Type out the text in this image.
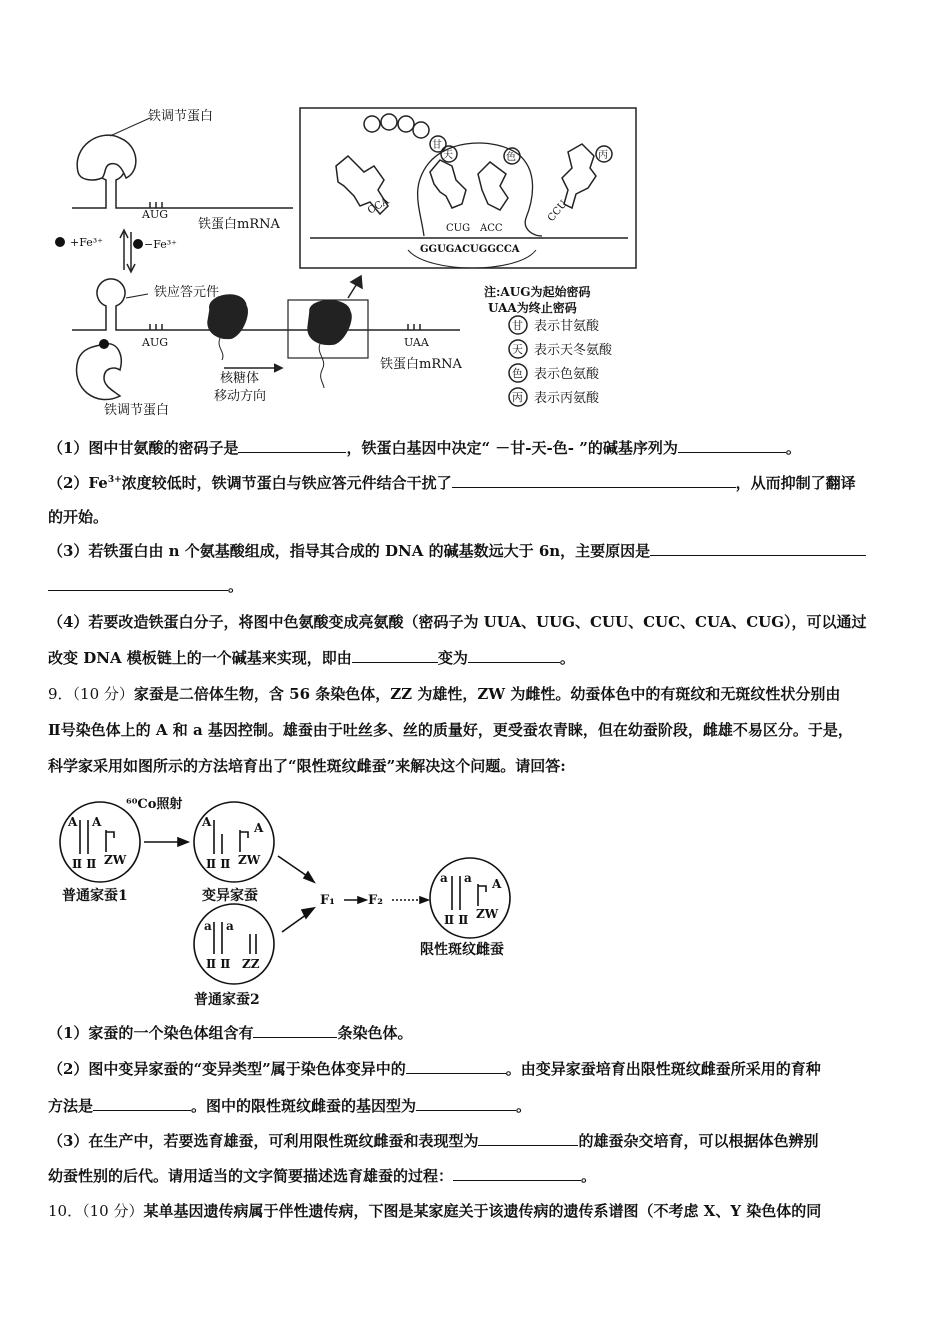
铁调节蛋白
AUG
铁蛋白mRNA
+Fe³⁺	−Fe³⁺
铁应答元件
AUG	UAA
铁蛋白mRNA
核糖体
移动方向
铁调节蛋白
CCA
CUG ACC
CCU
GGUGACUGGCCA
甘
天	色	丙
注:AUG为起始密码
UAA为终止密码
甘 表示甘氨酸
天 表示天冬氨酸
色 表示色氨酸
丙 表示丙氨酸
（1）图中甘氨酸的密码子是	，铁蛋白基因中决定“ －甘-天-色- ”的碱基序列为	。
$(2)Fe^{3+}$浓度较低时，铁调节蛋白与铁应答元件结合干扰了	，从而抑制了翻译
的开始。
（3）若铁蛋白由 n 个氨基酸组成，指导其合成的 DNA 的碱基数远大于 6n，主要原因是
。
（4）若要改造铁蛋白分子，将图中色氨酸变成亮氨酸（密码子为 UUA、UUG、CUU、CUC、CUA、CUG），可以通过
改变 DNA 模板链上的一个碱基来实现，即由	变为	。
9．（10 分）家蚕是二倍体生物，含 56 条染色体，ZZ 为雄性，ZW 为雌性。幼蚕体色中的有斑纹和无斑纹性状分别由
Ⅱ号染色体上的 A 和 a 基因控制。雄蚕由于吐丝多、丝的质量好，更受蚕农青睐，但在幼蚕阶段，雌雄不易区分。于是，
科学家采用如图所示的方法培育出了“限性斑纹雌蚕”来解决这个问题。请回答:
⁶⁰Co照射
A A
Ⅱ Ⅱ ZW
普通家蚕1
A	A
Ⅱ Ⅱ ZW
变异家蚕
a a
Ⅱ Ⅱ ZZ
普通家蚕2
F₁	F₂
a a A
Ⅱ Ⅱ ZW
限性斑纹雌蚕
（1）家蚕的一个染色体组含有	条染色体。
（2）图中变异家蚕的“变异类型”属于染色体变异中的	。由变异家蚕培育出限性斑纹雌蚕所采用的育种
方法是	。图中的限性斑纹雌蚕的基因型为	。
（3）在生产中，若要选育雄蚕，可利用限性斑纹雌蚕和表现型为	的雄蚕杂交培育，可以根据体色辨别
幼蚕性别的后代。请用适当的文字简要描述选育雄蚕的过程：	。
10．（10 分）某单基因遗传病属于伴性遗传病，下图是某家庭关于该遗传病的遗传系谱图（不考虑 X、Y 染色体的同
